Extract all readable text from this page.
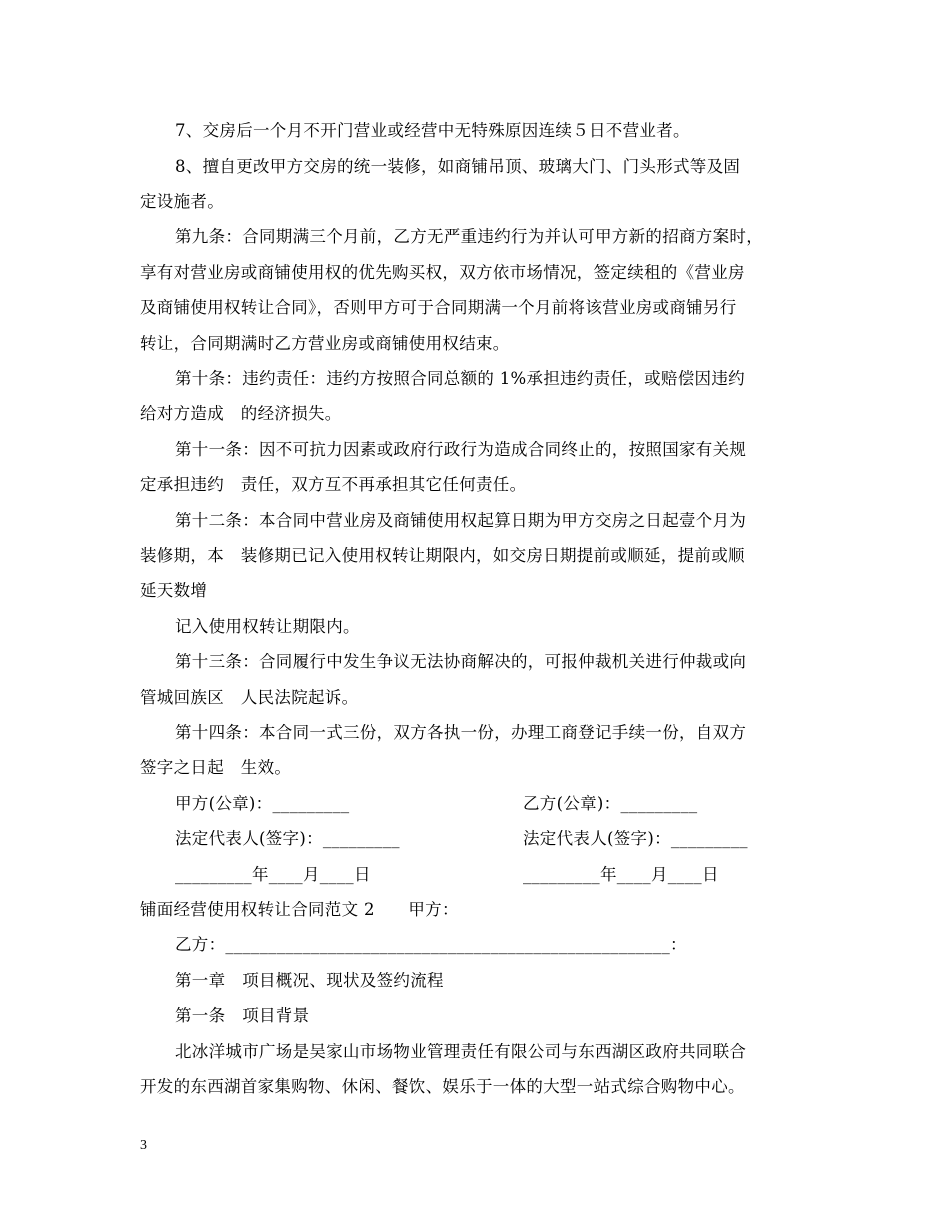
7、交房后一个月不开门营业或经营中无特殊原因连续５日不营业者。
8、擅自更改甲方交房的统一装修，如商铺吊顶、玻璃大门、门头形式等及固
定设施者。
第九条：合同期满三个月前，乙方无严重违约行为并认可甲方新的招商方案时，
享有对营业房或商铺使用权的优先购买权，双方依市场情况，签定续租的《营业房
及商铺使用权转让合同》，否则甲方可于合同期满一个月前将该营业房或商铺另行
转让，合同期满时乙方营业房或商铺使用权结束。
第十条：违约责任：违约方按照合同总额的 1%承担违约责任，或赔偿因违约
给对方造成　的经济损失。
第十一条：因不可抗力因素或政府行政行为造成合同终止的，按照国家有关规
定承担违约　责任，双方互不再承担其它任何责任。
第十二条：本合同中营业房及商铺使用权起算日期为甲方交房之日起壹个月为
装修期，本　装修期已记入使用权转让期限内，如交房日期提前或顺延，提前或顺
延天数增
记入使用权转让期限内。
第十三条：合同履行中发生争议无法协商解决的，可报仲裁机关进行仲裁或向
管城回族区　人民法院起诉。
第十四条：本合同一式三份，双方各执一份，办理工商登记手续一份，自双方
签字之日起　生效。
甲方(公章)：_________	乙方(公章)：_________
法定代表人(签字)：_________	法定代表人(签字)：_________
_________年____月____日	_________年____月____日
铺面经营使用权转让合同范文 2　　甲方：
乙方：____________________________________________________：
第一章　项目概况、现状及签约流程
第一条　项目背景
北冰洋城市广场是吴家山市场物业管理责任有限公司与东西湖区政府共同联合
开发的东西湖首家集购物、休闲、餐饮、娱乐于一体的大型一站式综合购物中心。
3
